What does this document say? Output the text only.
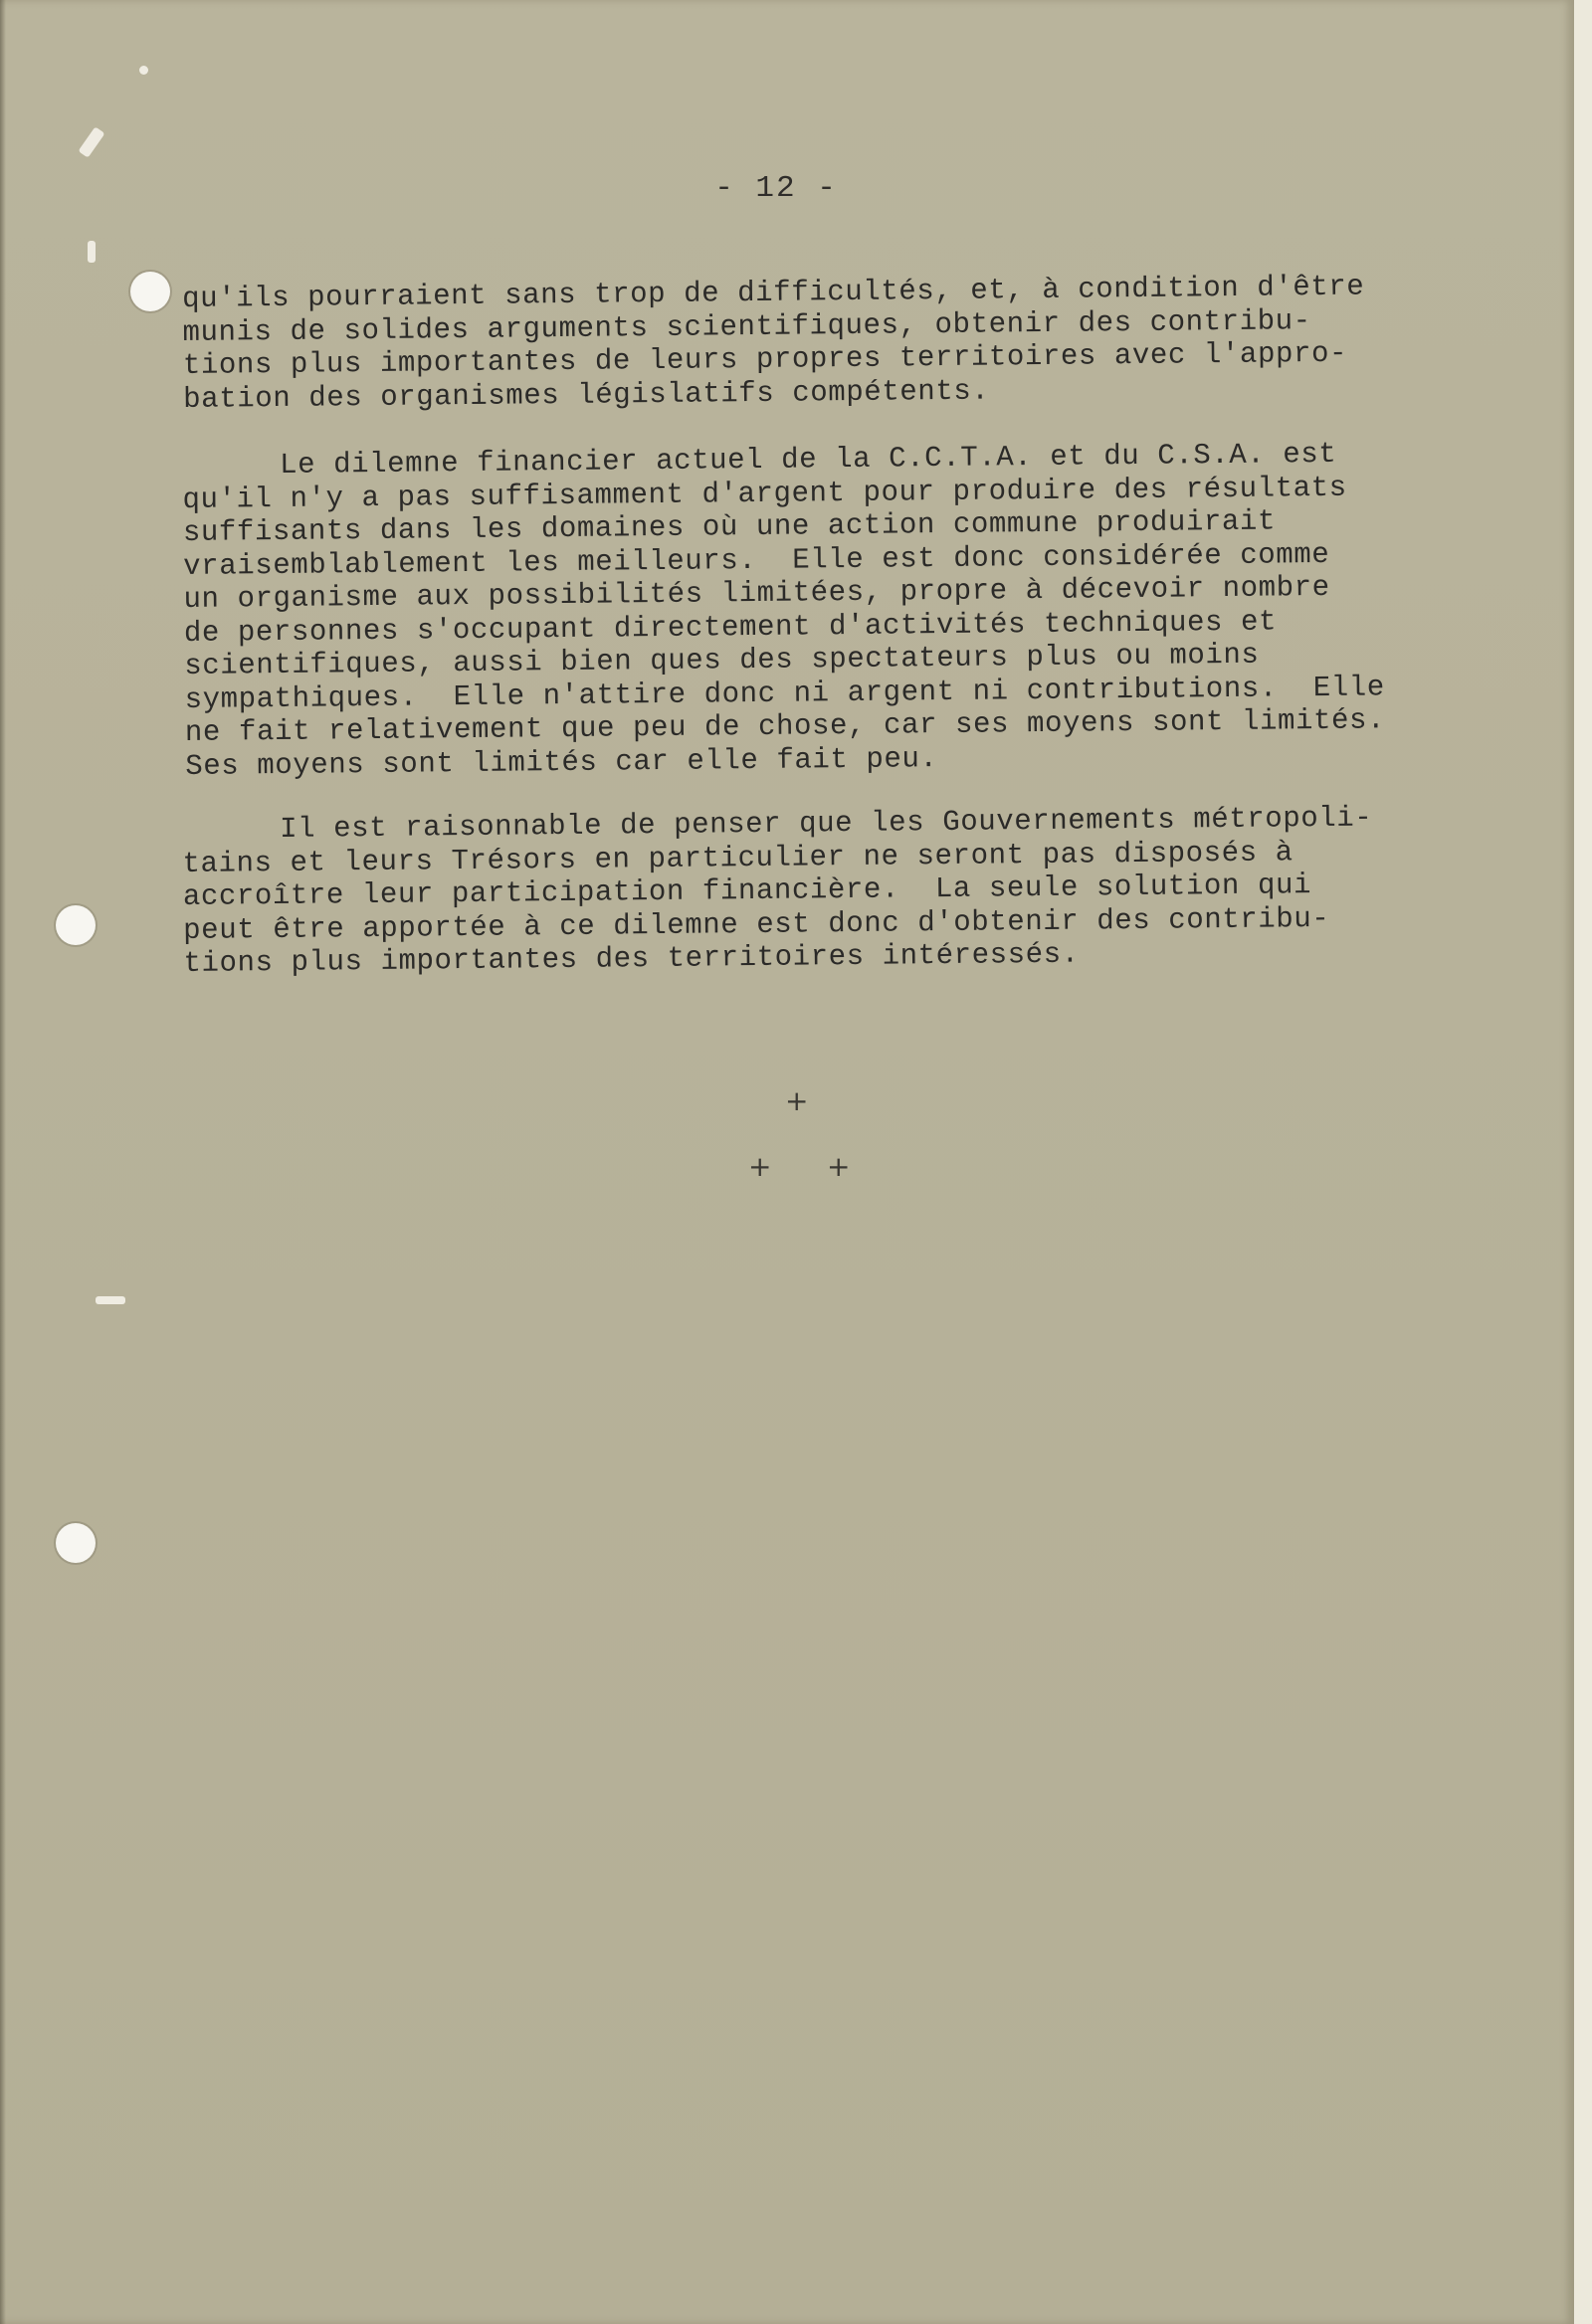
- 12 -
qu'ils pourraient sans trop de difficultés, et, à condition d'être
munis de solides arguments scientifiques, obtenir des contribu-
tions plus importantes de leurs propres territoires avec l'appro-
bation des organismes législatifs compétents.
Le dilemne financier actuel de la C.C.T.A. et du C.S.A. est
qu'il n'y a pas suffisamment d'argent pour produire des résultats
suffisants dans les domaines où une action commune produirait
vraisemblablement les meilleurs.  Elle est donc considérée comme
un organisme aux possibilités limitées, propre à décevoir nombre
de personnes s'occupant directement d'activités techniques et
scientifiques, aussi bien ques des spectateurs plus ou moins
sympathiques.  Elle n'attire donc ni argent ni contributions.  Elle
ne fait relativement que peu de chose, car ses moyens sont limités.
Ses moyens sont limités car elle fait peu.
Il est raisonnable de penser que les Gouvernements métropoli-
tains et leurs Trésors en particulier ne seront pas disposés à
accroître leur participation financière.  La seule solution qui
peut être apportée à ce dilemne est donc d'obtenir des contribu-
tions plus importantes des territoires intéressés.
+
+ +
